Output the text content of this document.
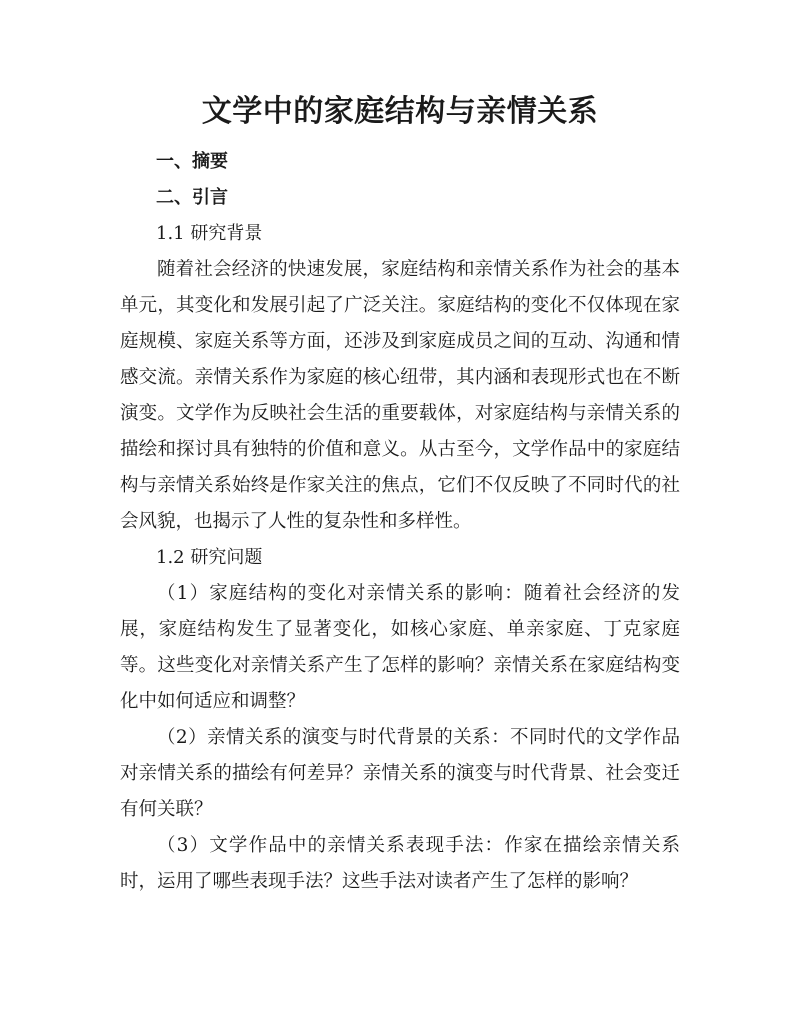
文学中的家庭结构与亲情关系

一、摘要

二、引言

1.1 研究背景

随着社会经济的快速发展，家庭结构和亲情关系作为社会的基本单元，其变化和发展引起了广泛关注。家庭结构的变化不仅体现在家庭规模、家庭关系等方面，还涉及到家庭成员之间的互动、沟通和情感交流。亲情关系作为家庭的核心纽带，其内涵和表现形式也在不断演变。文学作为反映社会生活的重要载体，对家庭结构与亲情关系的描绘和探讨具有独特的价值和意义。从古至今，文学作品中的家庭结构与亲情关系始终是作家关注的焦点，它们不仅反映了不同时代的社会风貌，也揭示了人性的复杂性和多样性。

1.2 研究问题

（1）家庭结构的变化对亲情关系的影响：随着社会经济的发展，家庭结构发生了显著变化，如核心家庭、单亲家庭、丁克家庭等。这些变化对亲情关系产生了怎样的影响？亲情关系在家庭结构变化中如何适应和调整？

（2）亲情关系的演变与时代背景的关系：不同时代的文学作品对亲情关系的描绘有何差异？亲情关系的演变与时代背景、社会变迁有何关联？

（3）文学作品中的亲情关系表现手法：作家在描绘亲情关系时，运用了哪些表现手法？这些手法对读者产生了怎样的影响？
